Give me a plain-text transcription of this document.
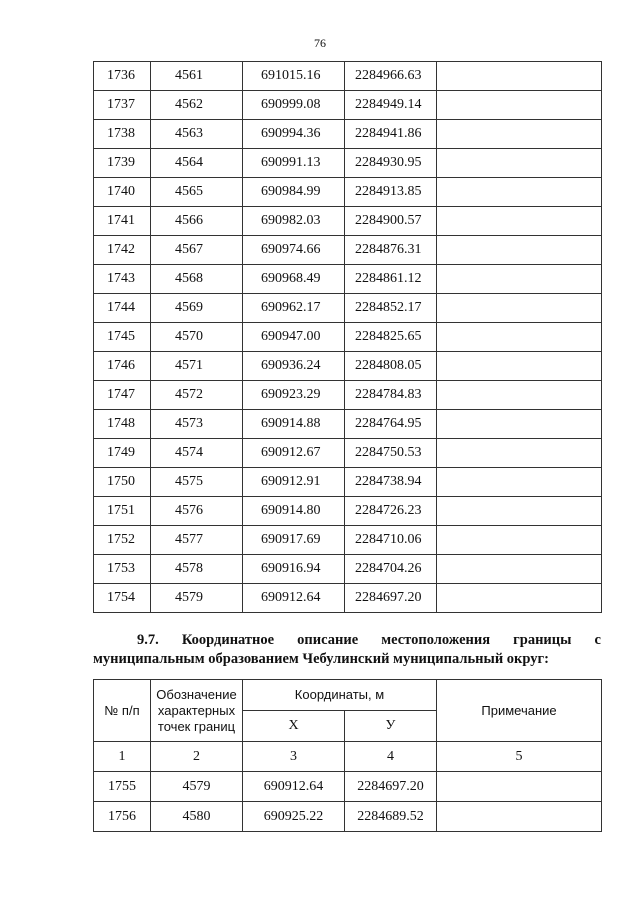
76
1736	4561	691015.16	2284966.63	
1737	4562	690999.08	2284949.14	
1738	4563	690994.36	2284941.86	
1739	4564	690991.13	2284930.95	
1740	4565	690984.99	2284913.85	
1741	4566	690982.03	2284900.57	
1742	4567	690974.66	2284876.31	
1743	4568	690968.49	2284861.12	
1744	4569	690962.17	2284852.17	
1745	4570	690947.00	2284825.65	
1746	4571	690936.24	2284808.05	
1747	4572	690923.29	2284784.83	
1748	4573	690914.88	2284764.95	
1749	4574	690912.67	2284750.53	
1750	4575	690912.91	2284738.94	
1751	4576	690914.80	2284726.23	
1752	4577	690917.69	2284710.06	
1753	4578	690916.94	2284704.26	
1754	4579	690912.64	2284697.20	
9.7. Координатное описание местоположения границы с
муниципальным образованием Чебулинский муниципальный округ:
№ п/п	Обозначение характерных точек границ	Координаты, м		Примечание
		Х	У	
1	2	3	4	5
1755	4579	690912.64	2284697.20	
1756	4580	690925.22	2284689.52	
